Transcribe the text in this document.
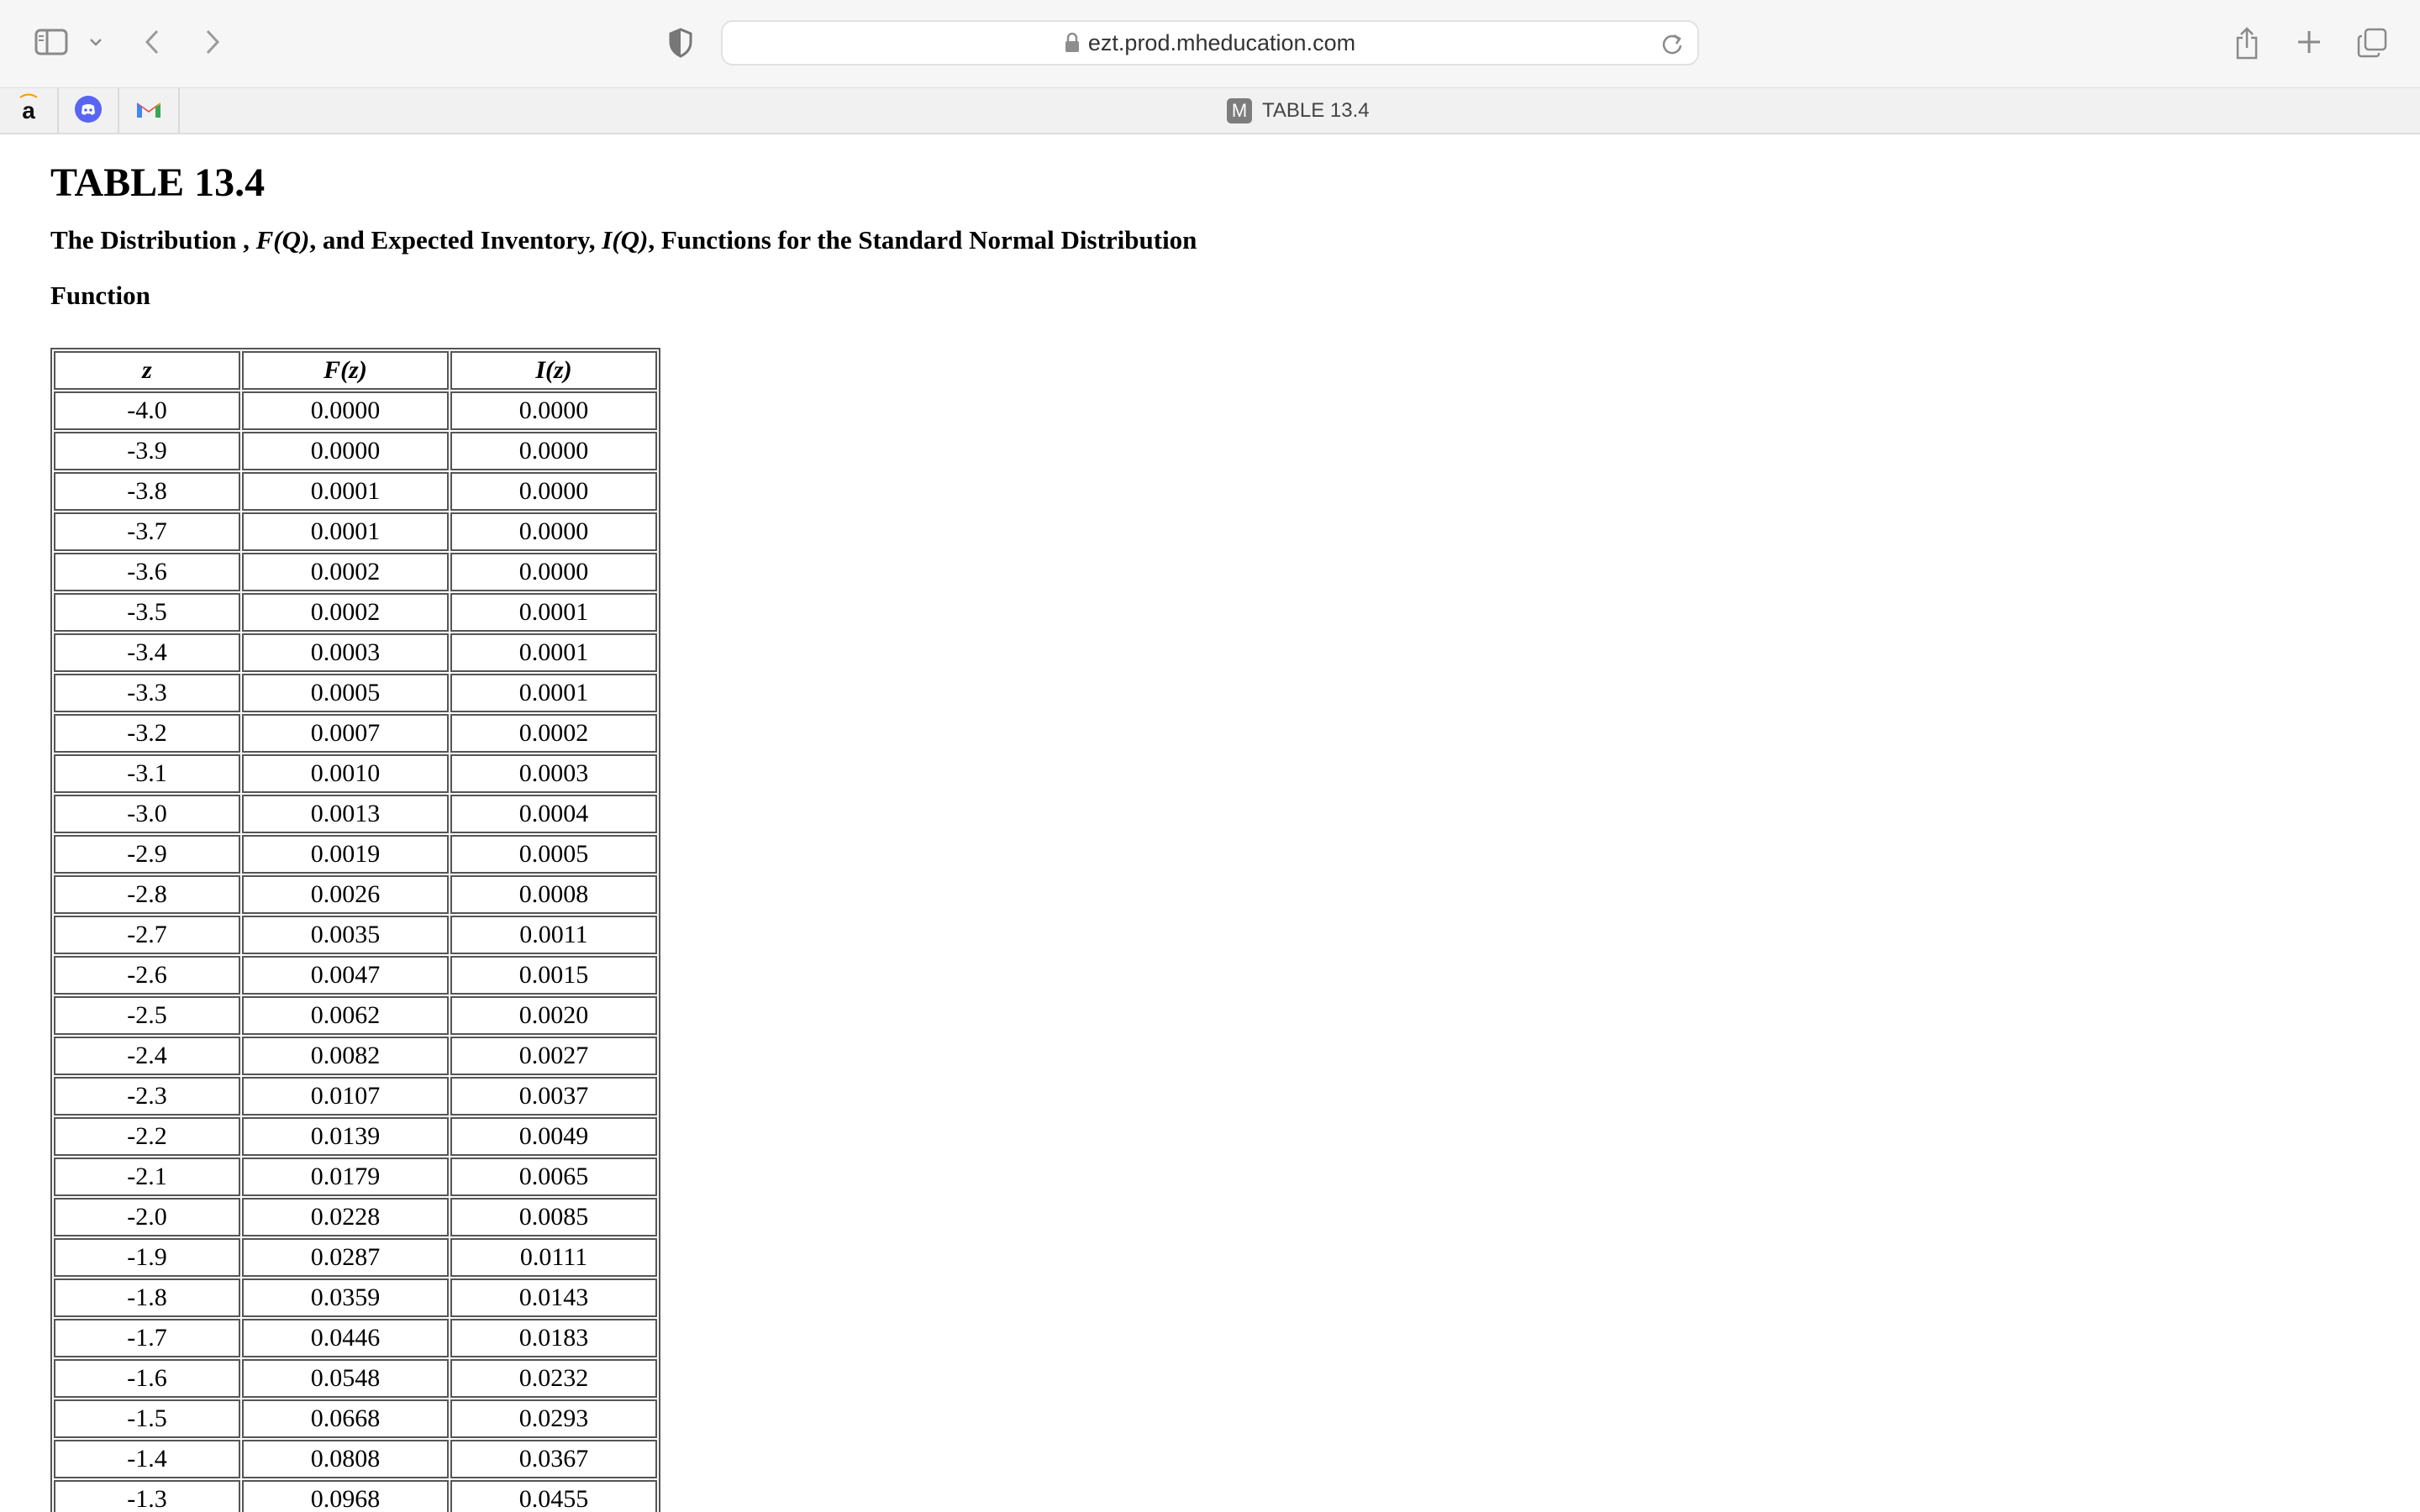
ezt.prod.mheducation.com
a	M TABLE 13.4
TABLE 13.4

The Distribution , F(Q), and Expected Inventory, I(Q), Functions for the Standard Normal Distribution

Function

z	F(z)	I(z)
-4.0	0.0000	0.0000
-3.9	0.0000	0.0000
-3.8	0.0001	0.0000
-3.7	0.0001	0.0000
-3.6	0.0002	0.0000
-3.5	0.0002	0.0001
-3.4	0.0003	0.0001
-3.3	0.0005	0.0001
-3.2	0.0007	0.0002
-3.1	0.0010	0.0003
-3.0	0.0013	0.0004
-2.9	0.0019	0.0005
-2.8	0.0026	0.0008
-2.7	0.0035	0.0011
-2.6	0.0047	0.0015
-2.5	0.0062	0.0020
-2.4	0.0082	0.0027
-2.3	0.0107	0.0037
-2.2	0.0139	0.0049
-2.1	0.0179	0.0065
-2.0	0.0228	0.0085
-1.9	0.0287	0.0111
-1.8	0.0359	0.0143
-1.7	0.0446	0.0183
-1.6	0.0548	0.0232
-1.5	0.0668	0.0293
-1.4	0.0808	0.0367
-1.3	0.0968	0.0455
